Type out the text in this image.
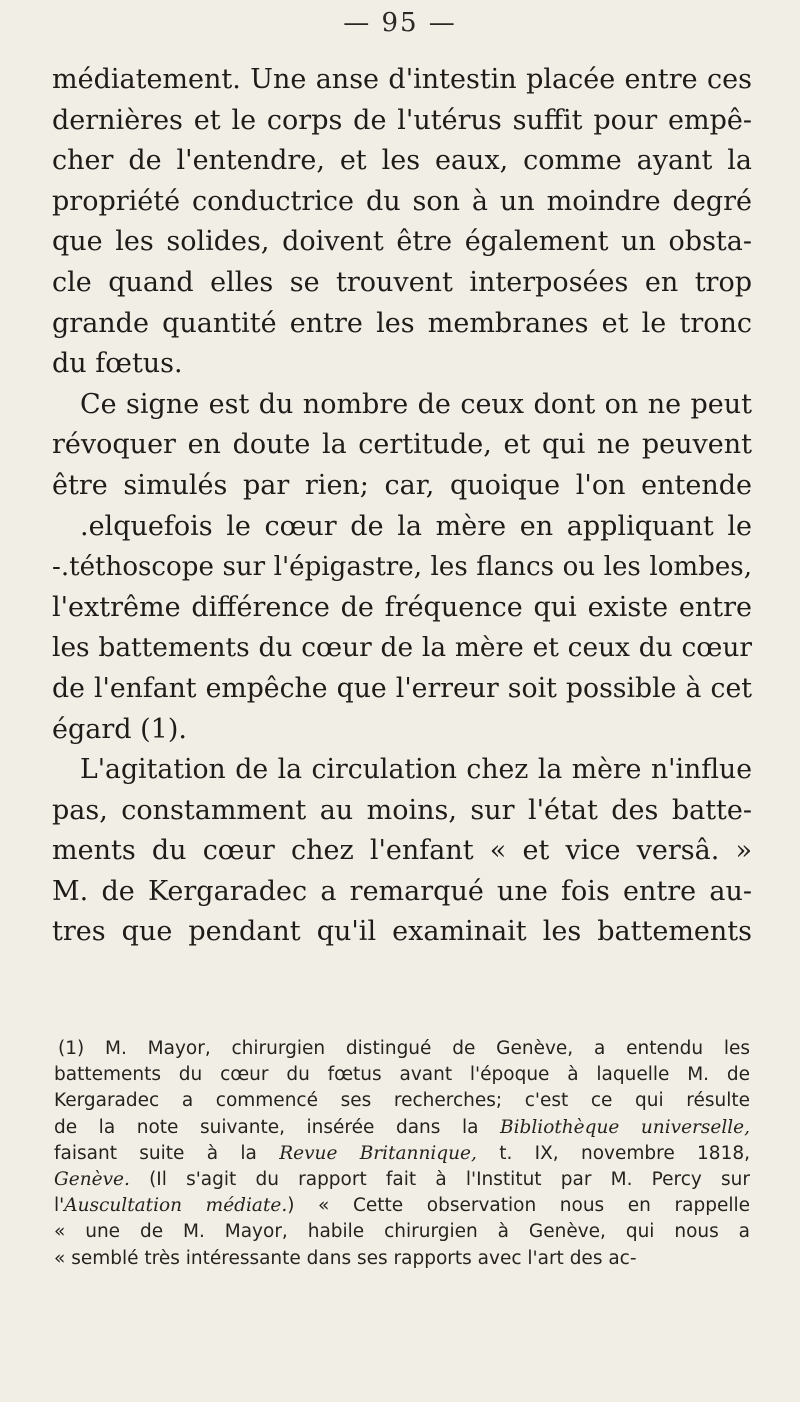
— 95 —
médiatement. Une anse d'intestin placée entre ces
dernières et le corps de l'utérus suffit pour empê-
cher de l'entendre, et les eaux, comme ayant la
propriété conductrice du son à un moindre degré
que les solides, doivent être également un obsta-
cle quand elles se trouvent interposées en trop
grande quantité entre les membranes et le tronc
du fœtus.
Ce signe est du nombre de ceux dont on ne peut
révoquer en doute la certitude, et qui ne peuvent
être simulés par rien; car, quoique l'on entende
.elquefois le cœur de la mère en appliquant le
-.téthoscope sur l'épigastre, les flancs ou les lombes,
l'extrême différence de fréquence qui existe entre
les battements du cœur de la mère et ceux du cœur
de l'enfant empêche que l'erreur soit possible à cet
égard (1).
L'agitation de la circulation chez la mère n'influe
pas, constamment au moins, sur l'état des batte-
ments du cœur chez l'enfant « et vice versâ. »
M. de Kergaradec a remarqué une fois entre au-
tres que pendant qu'il examinait les battements
(1) M. Mayor, chirurgien distingué de Genève, a entendu les
battements du cœur du fœtus avant l'époque à laquelle M. de
Kergaradec a commencé ses recherches; c'est ce qui résulte
de la note suivante, insérée dans la Bibliothèque universelle,
faisant suite à la Revue Britannique, t. IX, novembre 1818,
Genève. (Il s'agit du rapport fait à l'Institut par M. Percy sur
l'Auscultation médiate.) « Cette observation nous en rappelle
« une de M. Mayor, habile chirurgien à Genève, qui nous a
« semblé très intéressante dans ses rapports avec l'art des ac-
